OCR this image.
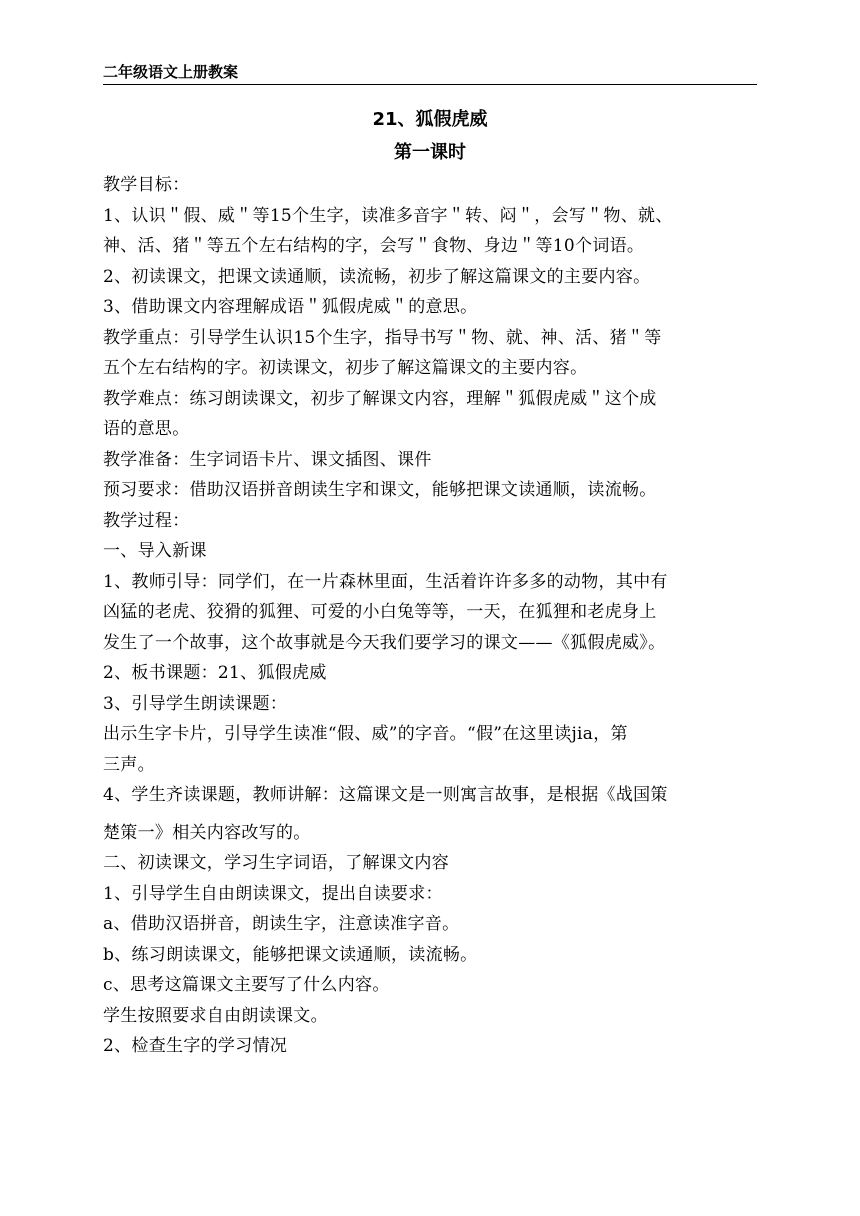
二年级语文上册教案
21、狐假虎威
第一课时

教学目标：

1、认识＂假、威＂等15个生字，读准多音字＂转、闷＂，会写＂物、就、

神、活、猪＂等五个左右结构的字，会写＂食物、身边＂等10个词语。

2、初读课文，把课文读通顺，读流畅，初步了解这篇课文的主要内容。

3、借助课文内容理解成语＂狐假虎威＂的意思。

教学重点：引导学生认识15个生字，指导书写＂物、就、神、活、猪＂等

五个左右结构的字。初读课文，初步了解这篇课文的主要内容。

教学难点：练习朗读课文，初步了解课文内容，理解＂狐假虎威＂这个成

语的意思。

教学准备：生字词语卡片、课文插图、课件

预习要求：借助汉语拼音朗读生字和课文，能够把课文读通顺，读流畅。

教学过程：

一、导入新课

1、教师引导：同学们，在一片森林里面，生活着许许多多的动物，其中有

凶猛的老虎、狡猾的狐狸、可爱的小白兔等等，一天，在狐狸和老虎身上

发生了一个故事，这个故事就是今天我们要学习的课文——《狐假虎威》。

2、板书课题：21、狐假虎威

3、引导学生朗读课题：

出示生字卡片，引导学生读准“假、威”的字音。“假”在这里读jia，第

三声。

4、学生齐读课题，教师讲解：这篇课文是一则寓言故事，是根据《战国策

楚策一》相关内容改写的。

二、初读课文，学习生字词语，了解课文内容

1、引导学生自由朗读课文，提出自读要求：

a、借助汉语拼音，朗读生字，注意读准字音。

b、练习朗读课文，能够把课文读通顺，读流畅。

c、思考这篇课文主要写了什么内容。

学生按照要求自由朗读课文。

2、检查生字的学习情况
